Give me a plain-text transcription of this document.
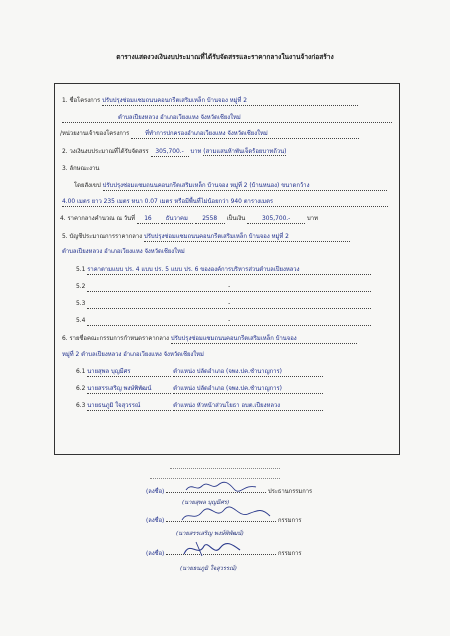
ตารางแสดงวงเงินงบประมาณที่ได้รับจัดสรรและราคากลางในงานจ้างก่อสร้าง
1. ชื่อโครงการ ปรับปรุงซ่อมแซมถนนคอนกรีตเสริมเหล็ก บ้านจอง หมู่ที่ 2
ตำบลเปียงหลวง อำเภอเวียงแหง จังหวัดเชียงใหม่
/หน่วยงานเจ้าของโครงการ	ที่ทำการปกครองอำเภอเวียงแหง จังหวัดเชียงใหม่
2. วงเงินงบประมาณที่ได้รับจัดสรร 305,700.- บาท (สามแสนห้าพันเจ็ดร้อยบาทถ้วน)
3. ลักษณะงาน
โดยสังเขป ปรับปรุงซ่อมแซมถนนคอนกรีตเสริมเหล็ก บ้านจอง หมู่ที่ 2 (บ้านหนอง) ขนาดกว้าง
4.00 เมตร ยาว 235 เมตร หนา 0.07 เมตร หรือมีพื้นที่ไม่น้อยกว่า 940 ตารางเมตร
4. ราคากลางคำนวณ ณ วันที่ 16 ธันวาคม 2558 เป็นเงิน	305,700.-	บาท
5. บัญชีประมาณการราคากลาง ปรับปรุงซ่อมแซมถนนคอนกรีตเสริมเหล็ก บ้านจอง หมู่ที่ 2
ตำบลเปียงหลวง อำเภอเวียงแหง จังหวัดเชียงใหม่
5.1 ราคาตามแบบ ปร. 4 แบบ ปร. 5 แบบ ปร. 6 ขององค์การบริหารส่วนตำบลเปียงหลวง
5.2	-
5.3	-
5.4	-
6. รายชื่อคณะกรรมการกำหนดราคากลาง ปรับปรุงซ่อมแซมถนนคอนกรีตเสริมเหล็ก บ้านจอง
หมู่ที่ 2 ตำบลเปียงหลวง อำเภอเวียงแหง จังหวัดเชียงใหม่
6.1 นายสุพล บุญมีศร	ตำแหน่ง ปลัดอำเภอ (จพง.ปค.ชำนาญการ)
6.2 นายสรรเสริญ พงษ์พิพัฒน์	ตำแหน่ง ปลัดอำเภอ (จพง.ปค.ชำนาญการ)
6.3 นายธนภูมิ ใจสุวรรณ์	ตำแหน่ง หัวหน้าส่วนโยธา อบต.เปียงหลวง
(ลงชื่อ)	ประธานกรรมการ
(นายสุพล บุญมีศร)
(ลงชื่อ)	กรรมการ
(นายสรรเสริญ พงษ์พิพัฒน์)
(ลงชื่อ)	กรรมการ
(นายธนภูมิ ใจสุวรรณ์)
